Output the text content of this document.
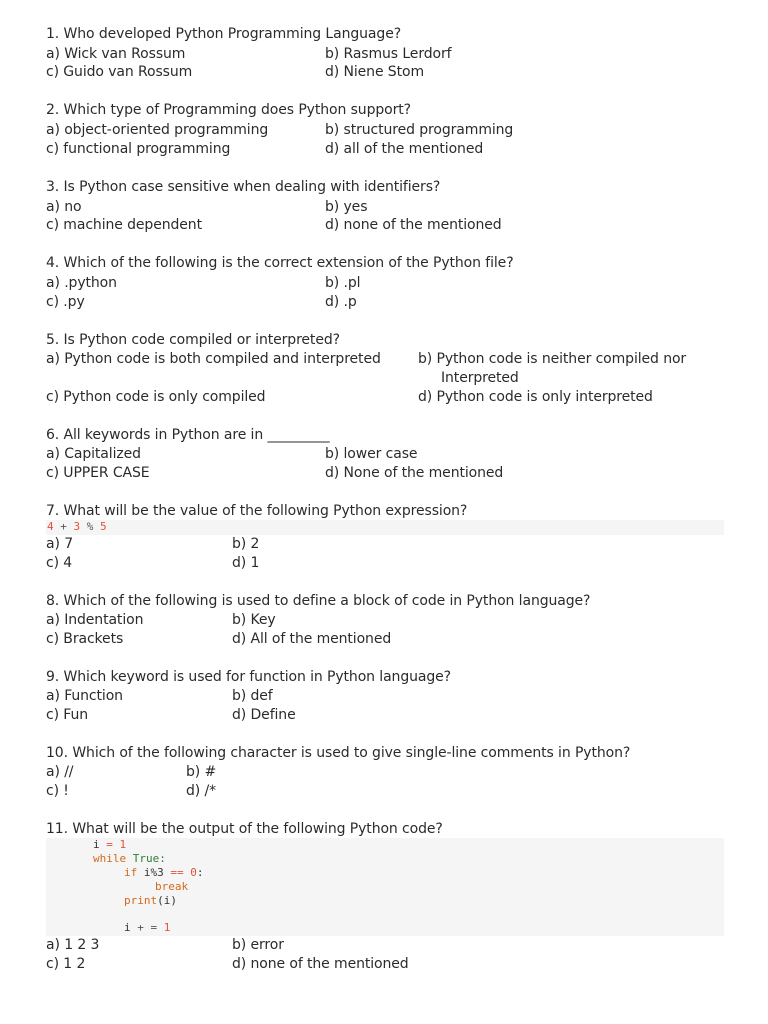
1. Who developed Python Programming Language?
a) Wick van Rossum	b) Rasmus Lerdorf
c) Guido van Rossum	d) Niene Stom
2. Which type of Programming does Python support?
a) object-oriented programming	b) structured programming
c) functional programming	d) all of the mentioned
3. Is Python case sensitive when dealing with identifiers?
a) no	b) yes
c) machine dependent	d) none of the mentioned
4. Which of the following is the correct extension of the Python file?
a) .python	b) .pl
c) .py	d) .p
5. Is Python code compiled or interpreted?
a) Python code is both compiled and interpreted	b) Python code is neither compiled nor
Interpreted
c) Python code is only compiled	d) Python code is only interpreted
6. All keywords in Python are in _________
a) Capitalized	b) lower case
c) UPPER CASE	d) None of the mentioned
7. What will be the value of the following Python expression?
4 + 3 % 5
a) 7	b) 2
c) 4	d) 1
8. Which of the following is used to define a block of code in Python language?
a) Indentation	b) Key
c) Brackets	d) All of the mentioned
9. Which keyword is used for function in Python language?
a) Function	b) def
c) Fun	d) Define
10. Which of the following character is used to give single-line comments in Python?
a) //	b) #
c) !	d) /*
11. What will be the output of the following Python code?
i = 1
while True:
if i%3 == 0:
break
print(i)
i + = 1
a) 1 2 3	b) error
c) 1 2	d) none of the mentioned
